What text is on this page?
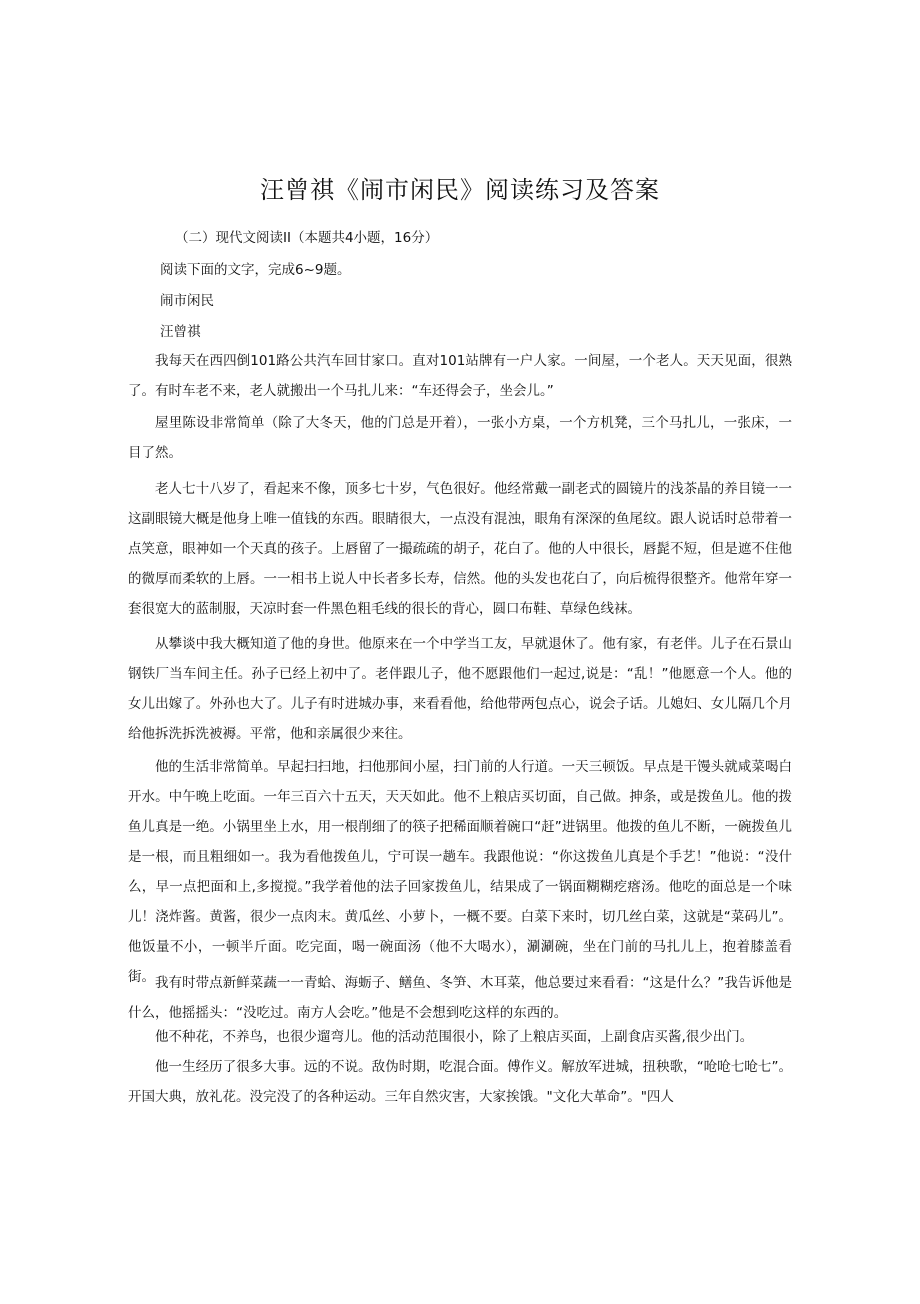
汪曾祺《闹市闲民》阅读练习及答案

（二）现代文阅读II（本题共4小题，16分）

阅读下面的文字，完成6~9题。

闹市闲民

汪曾祺

我每天在西四倒101路公共汽车回甘家口。直对101站牌有一户人家。一间屋，一个老人。天天见面，很熟了。有时车老不来，老人就搬出一个马扎儿来：“车还得会子，坐会儿。”

屋里陈设非常简单（除了大冬天，他的门总是开着），一张小方桌，一个方机凳，三个马扎儿，一张床，一目了然。

老人七十八岁了，看起来不像，顶多七十岁，气色很好。他经常戴一副老式的圆镜片的浅茶晶的养目镜一一这副眼镜大概是他身上唯一值钱的东西。眼睛很大，一点没有混浊，眼角有深深的鱼尾纹。跟人说话时总带着一点笑意，眼神如一个天真的孩子。上唇留了一撮疏疏的胡子，花白了。他的人中很长，唇髭不短，但是遮不住他的微厚而柔软的上唇。一一相书上说人中长者多长寿，信然。他的头发也花白了，向后梳得很整齐。他常年穿一套很宽大的蓝制服，天凉时套一件黑色粗毛线的很长的背心，圆口布鞋、草绿色线袜。

从攀谈中我大概知道了他的身世。他原来在一个中学当工友，早就退休了。他有家，有老伴。儿子在石景山钢铁厂当车间主任。孙子已经上初中了。老伴跟儿子，他不愿跟他们一起过,说是：“乱！”他愿意一个人。他的女儿出嫁了。外孙也大了。儿子有时进城办事，来看看他，给他带两包点心，说会子话。儿媳妇、女儿隔几个月给他拆洗拆洗被褥。平常，他和亲属很少来往。

他的生活非常简单。早起扫扫地，扫他那间小屋，扫门前的人行道。一天三顿饭。早点是干馒头就咸菜喝白开水。中午晚上吃面。一年三百六十五天，天天如此。他不上粮店买切面，自己做。抻条，或是拨鱼儿。他的拨鱼儿真是一绝。小锅里坐上水，用一根削细了的筷子把稀面顺着碗口“赶”进锅里。他拨的鱼儿不断，一碗拨鱼儿是一根，而且粗细如一。我为看他拨鱼儿，宁可误一趟车。我跟他说：“你这拨鱼儿真是个手艺！”他说：“没什么，早一点把面和上,多搅搅。”我学着他的法子回家拨鱼儿，结果成了一锅面糊糊疙瘩汤。他吃的面总是一个味儿！浇炸酱。黄酱，很少一点肉末。黄瓜丝、小萝卜，一概不要。白菜下来时，切几丝白菜，这就是“菜码儿”。他饭量不小，一顿半斤面。吃完面，喝一碗面汤（他不大喝水），涮涮碗，坐在门前的马扎儿上，抱着膝盖看街。 我有时带点新鲜菜蔬一一青蛤、海蛎子、鳝鱼、冬笋、木耳菜，他总要过来看看：“这是什么？”我告诉他是什么，他摇摇头：“没吃过。南方人会吃。”他是不会想到吃这样的东西的。

他不种花，不养鸟，也很少遛弯儿。他的活动范围很小，除了上粮店买面，上副食店买酱,很少出门。

他一生经历了很多大事。远的不说。敌伪时期，吃混合面。傅作义。解放军进城，扭秧歌，“呛呛七呛七”。开国大典，放礼花。没完没了的各种运动。三年自然灾害，大家挨饿。"文化大革命”。"四人
